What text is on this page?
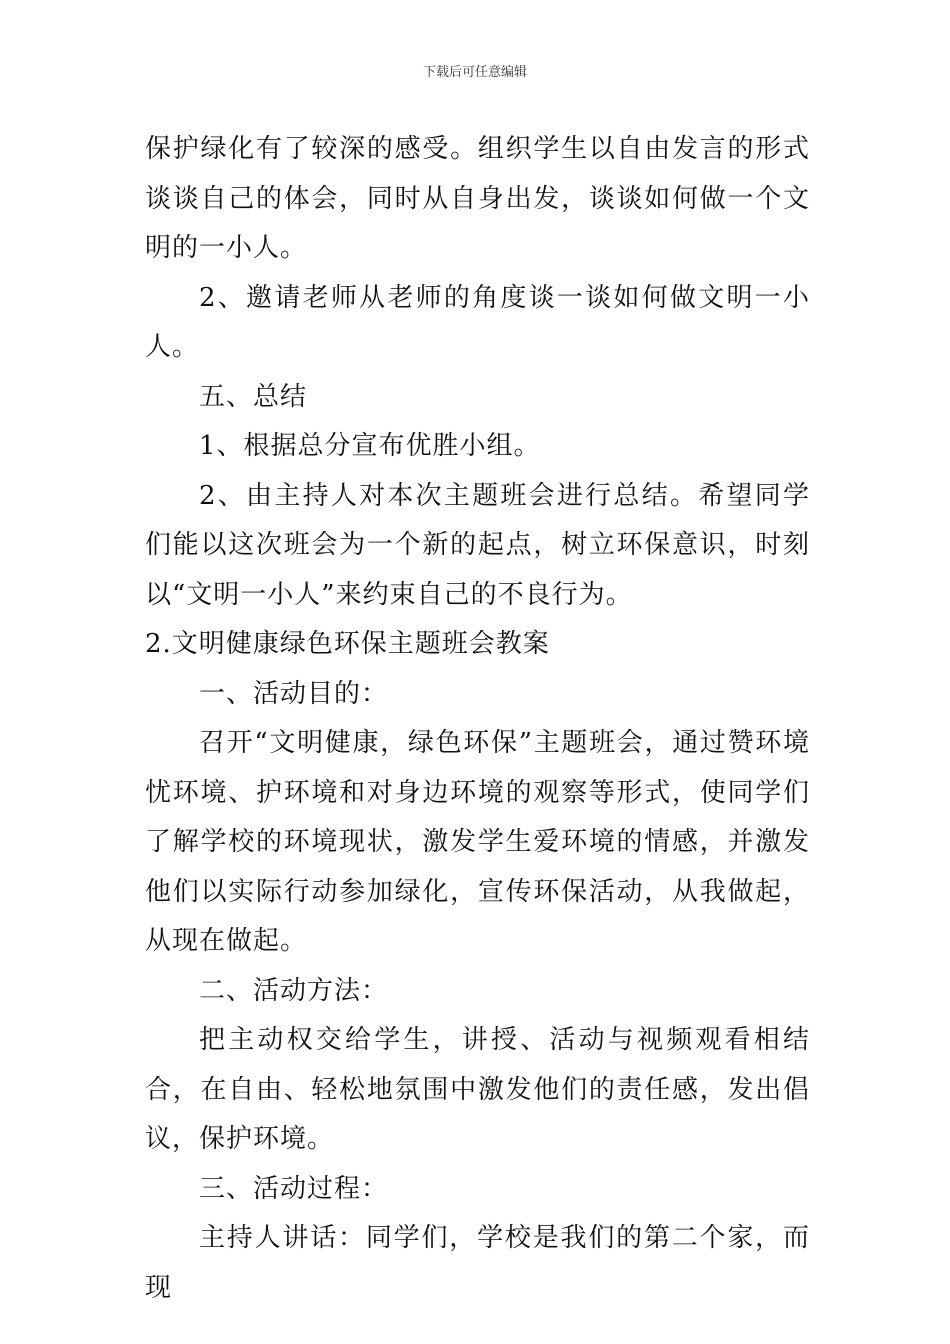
下载后可任意编辑

保护绿化有了较深的感受。组织学生以自由发言的形式谈谈自己的体会，同时从自身出发，谈谈如何做一个文明的一小人。

2、邀请老师从老师的角度谈一谈如何做文明一小人。

五、总结

1、根据总分宣布优胜小组。

2、由主持人对本次主题班会进行总结。希望同学们能以这次班会为一个新的起点，树立环保意识，时刻以“文明一小人”来约束自己的不良行为。

2.文明健康绿色环保主题班会教案

一、活动目的：

召开“文明健康，绿色环保”主题班会，通过赞环境忧环境、护环境和对身边环境的观察等形式，使同学们了解学校的环境现状，激发学生爱环境的情感，并激发他们以实际行动参加绿化，宣传环保活动，从我做起，从现在做起。

二、活动方法：

把主动权交给学生，讲授、活动与视频观看相结合，在自由、轻松地氛围中激发他们的责任感，发出倡议，保护环境。

三、活动过程：

主持人讲话：同学们，学校是我们的第二个家，而现
